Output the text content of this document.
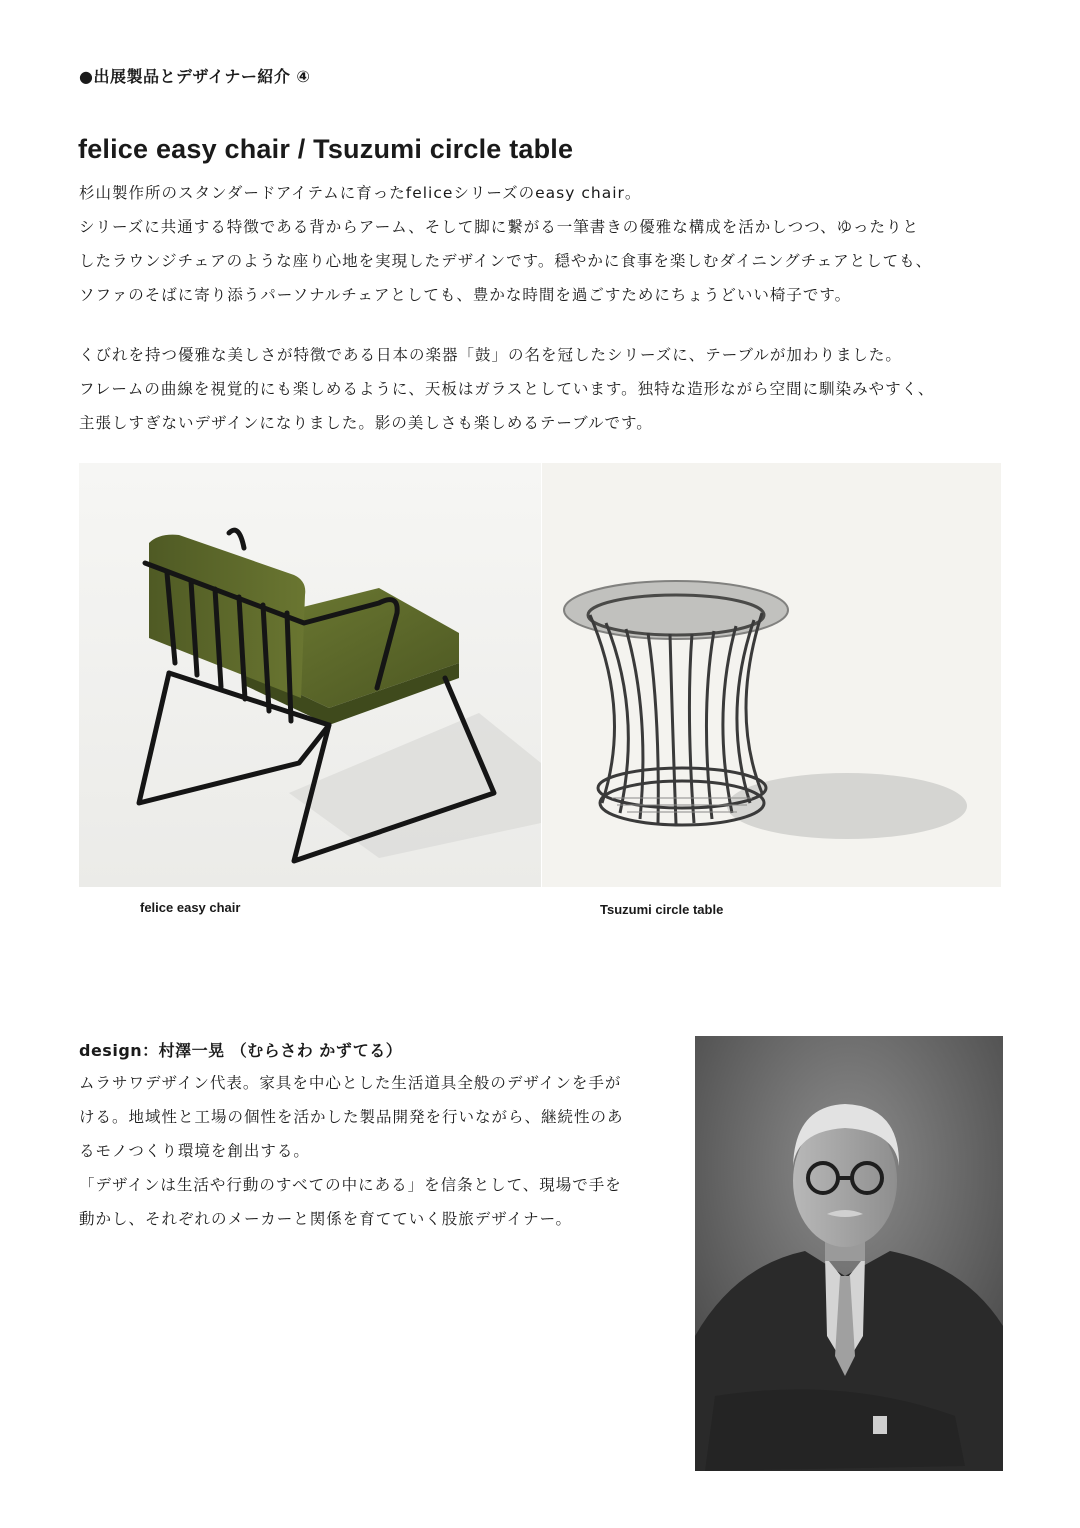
●出展製品とデザイナー紹介 ④
felice easy chair / Tsuzumi circle table

杉山製作所のスタンダードアイテムに育ったfeliceシリーズのeasy chair。

シリーズに共通する特徴である背からアーム、そして脚に繋がる一筆書きの優雅な構成を活かしつつ、ゆったりと

したラウンジチェアのような座り心地を実現したデザインです。穏やかに食事を楽しむダイニングチェアとしても、

ソファのそばに寄り添うパーソナルチェアとしても、豊かな時間を過ごすためにちょうどいい椅子です。

くびれを持つ優雅な美しさが特徴である日本の楽器「鼓」の名を冠したシリーズに、テーブルが加わりました。

フレームの曲線を視覚的にも楽しめるように、天板はガラスとしています。独特な造形ながら空間に馴染みやすく、

主張しすぎないデザインになりました。影の美しさも楽しめるテーブルです。

felice easy chair	Tsuzumi circle table
design：村澤一晃 （むらさわ かずてる）

ムラサワデザイン代表。家具を中心とした生活道具全般のデザインを手が

ける。地域性と工場の個性を活かした製品開発を行いながら、継続性のあ

るモノつくり環境を創出する。

「デザインは生活や行動のすべての中にある」を信条として、現場で手を

動かし、それぞれのメーカーと関係を育てていく股旅デザイナー。
